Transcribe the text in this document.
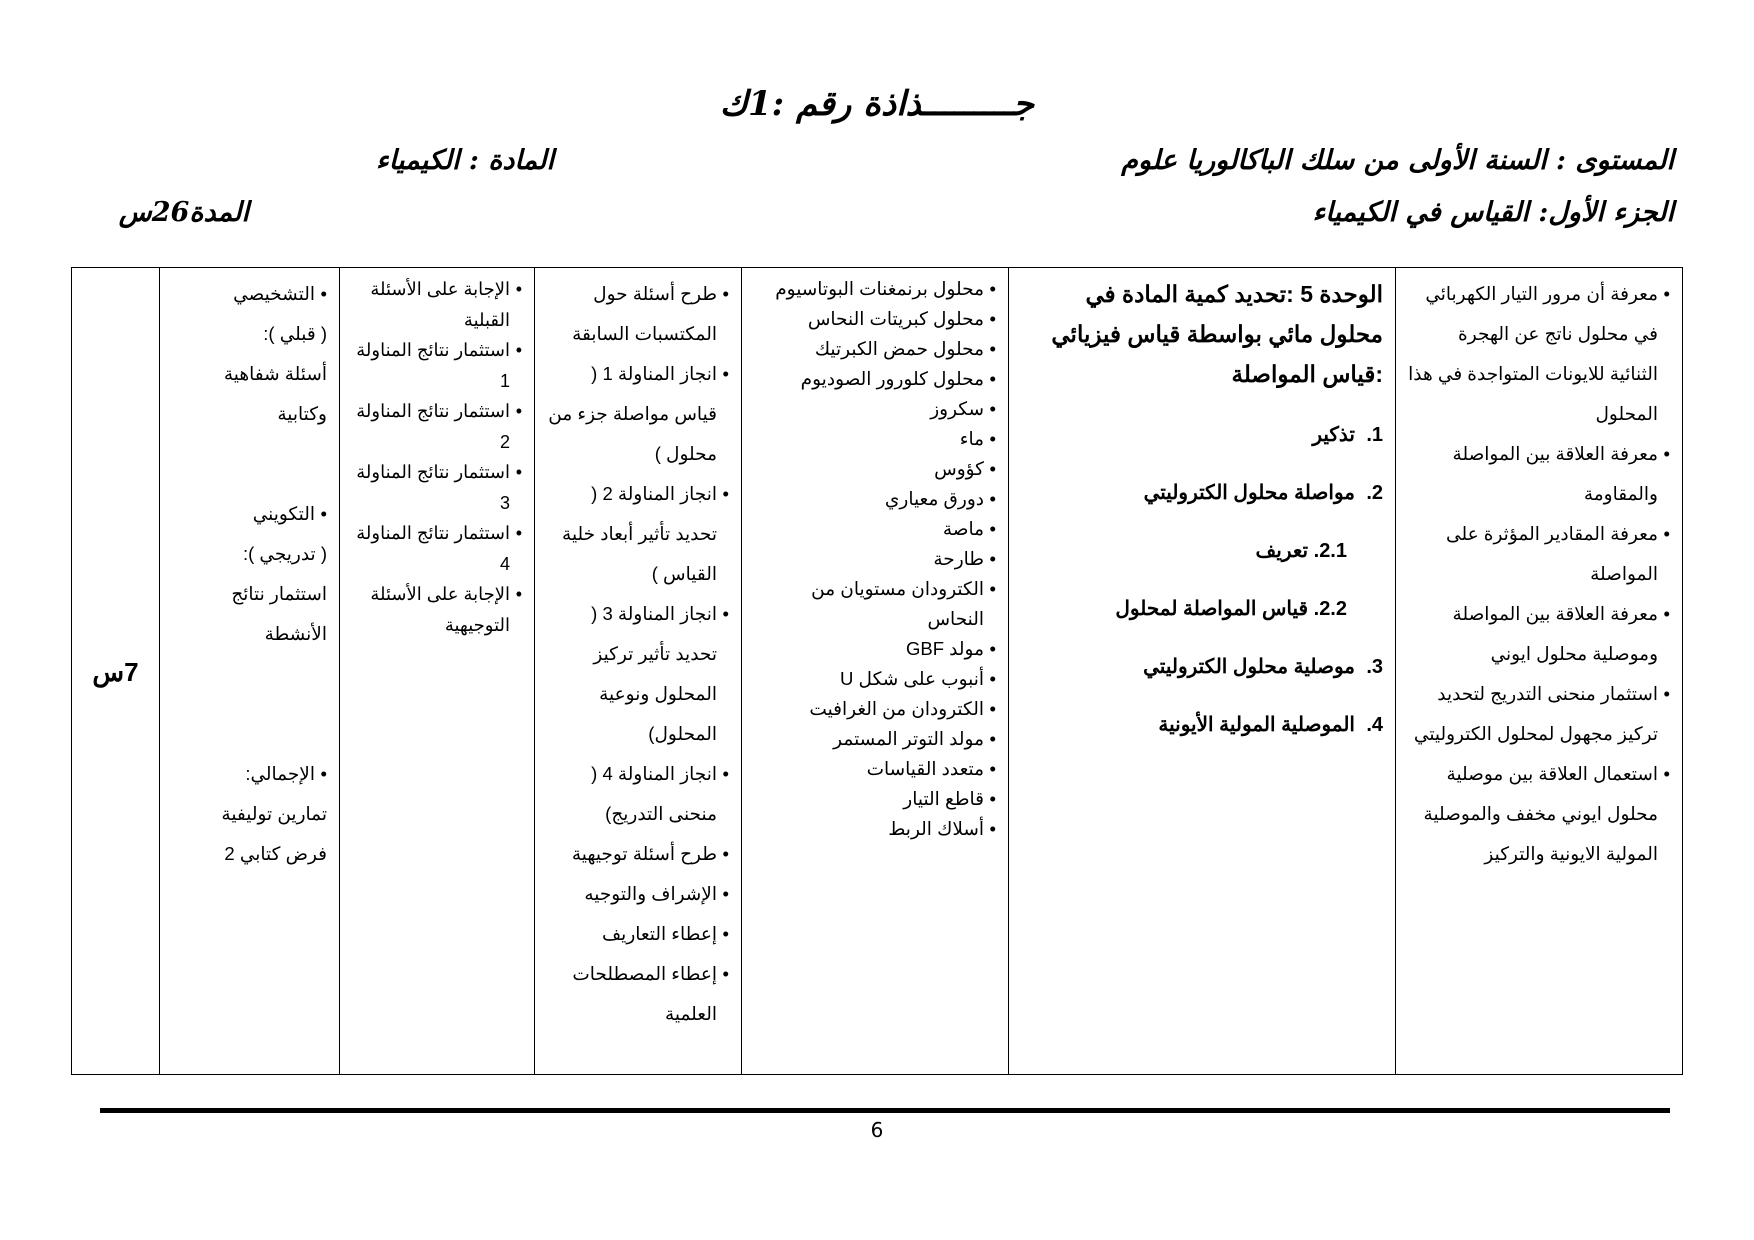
جـــــــــذاذة رقم :1ك
المستوى : السنة الأولى من سلك الباكالوريا علوم
المادة : الكيمياء
الجزء الأول: القياس في الكيمياء
المدة26س
• معرفة أن مرور التيار الكهربائي في محلول ناتج عن الهجرة الثنائية للايونات المتواجدة في هذا المحلول
• معرفة العلاقة بين المواصلة والمقاومة
• معرفة المقادير المؤثرة على المواصلة
• معرفة العلاقة بين المواصلة وموصلية محلول ايوني
• استثمار منحنى التدريج لتحديد تركيز مجهول لمحلول الكتروليتي
• استعمال العلاقة بين موصلية محلول ايوني مخفف والموصلية المولية الايونية والتركيز

الوحدة 5 :تحديد كمية المادة في محلول مائي بواسطة قياس فيزيائي :قياس المواصلة
1.تذكير
2.مواصلة محلول الكتروليتي
2.1. تعريف
2.2. قياس المواصلة لمحلول
3.موصلية محلول الكتروليتي
4.الموصلية المولية الأيونية

• محلول برنمغنات البوتاسيوم
• محلول كبريتات النحاس
• محلول حمض الكبرتيك
• محلول كلورور الصوديوم
• سكروز
• ماء
• كؤوس
• دورق معياري
• ماصة
• طارحة
• الكترودان مستويان من النحاس
• مولد GBF
• أنبوب على شكل U
• الكترودان من الغرافيت
• مولد التوتر المستمر
• متعدد القياسات
• قاطع التيار
• أسلاك الربط

• طرح أسئلة حول المكتسبات السابقة
• انجاز المناولة 1 ( قياس مواصلة جزء من محلول )
• انجاز المناولة 2 ( تحديد تأثير أبعاد خلية القياس )
• انجاز المناولة 3 ( تحديد تأثير تركيز المحلول ونوعية المحلول)
• انجاز المناولة 4 ( منحنى التدريج)
• طرح أسئلة توجيهية
• الإشراف والتوجيه
• إعطاء التعاريف
• إعطاء المصطلحات العلمية

• الإجابة على الأسئلة القبلية
• استثمار نتائج المناولة 1
• استثمار نتائج المناولة 2
• استثمار نتائج المناولة 3
• استثمار نتائج المناولة 4
• الإجابة على الأسئلة التوجيهية

• التشخيصي
( قبلي ):
أسئلة شفاهية وكتابية
• التكويني
( تدريجي ):
استثمار نتائج الأنشطة
• الإجمالي:
تمارين توليفية
فرض كتابي 2
	7س
6
